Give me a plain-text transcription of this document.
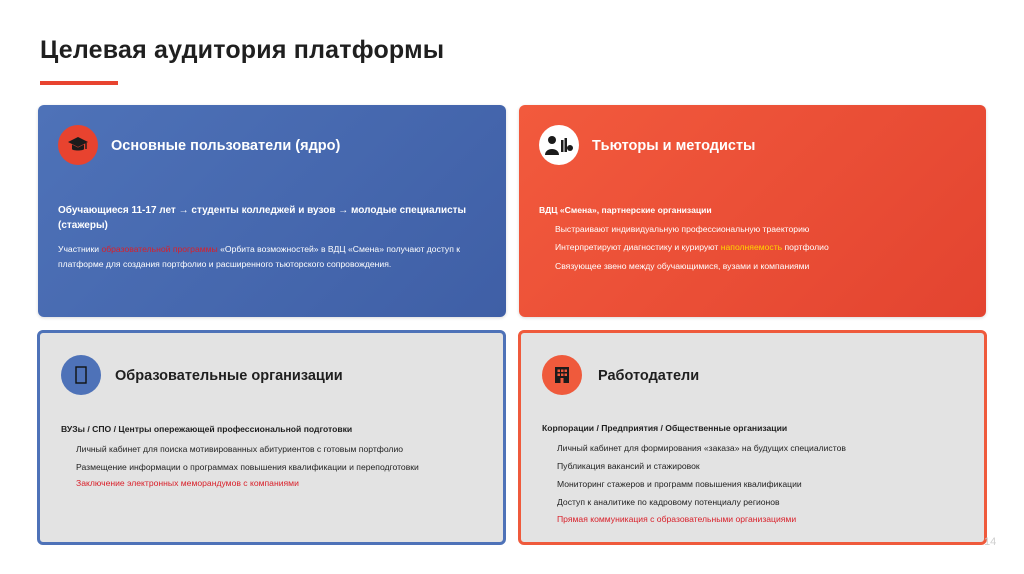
Целевая аудитория платформы
Основные пользователи (ядро)
Обучающиеся 11-17 лет → студенты колледжей и вузов → молодые специалисты (стажеры)
Участники образовательной программы «Орбита возможностей» в ВДЦ «Смена» получают доступ к платформе для создания портфолио и расширенного тьюторского сопровождения.
Тьюторы и методисты
ВДЦ «Смена», партнерские организации
Выстраивают индивидуальную профессиональную траекторию
Интерпретируют диагностику и курируют наполняемость портфолио
Связующее звено между обучающимися, вузами и компаниями
Образовательные организации
ВУЗы / СПО / Центры опережающей профессиональной подготовки
Личный кабинет для поиска мотивированных абитуриентов с готовым портфолио
Размещение информации о программах повышения квалификации и переподготовки
Заключение электронных меморандумов с компаниями
Работодатели
Корпорации / Предприятия / Общественные организации
Личный кабинет для формирования «заказа» на будущих специалистов
Публикация вакансий и стажировок
Мониторинг стажеров и программ повышения квалификации
Доступ к аналитике по кадровому потенциалу регионов
Прямая коммуникация с образовательными организациями
14
